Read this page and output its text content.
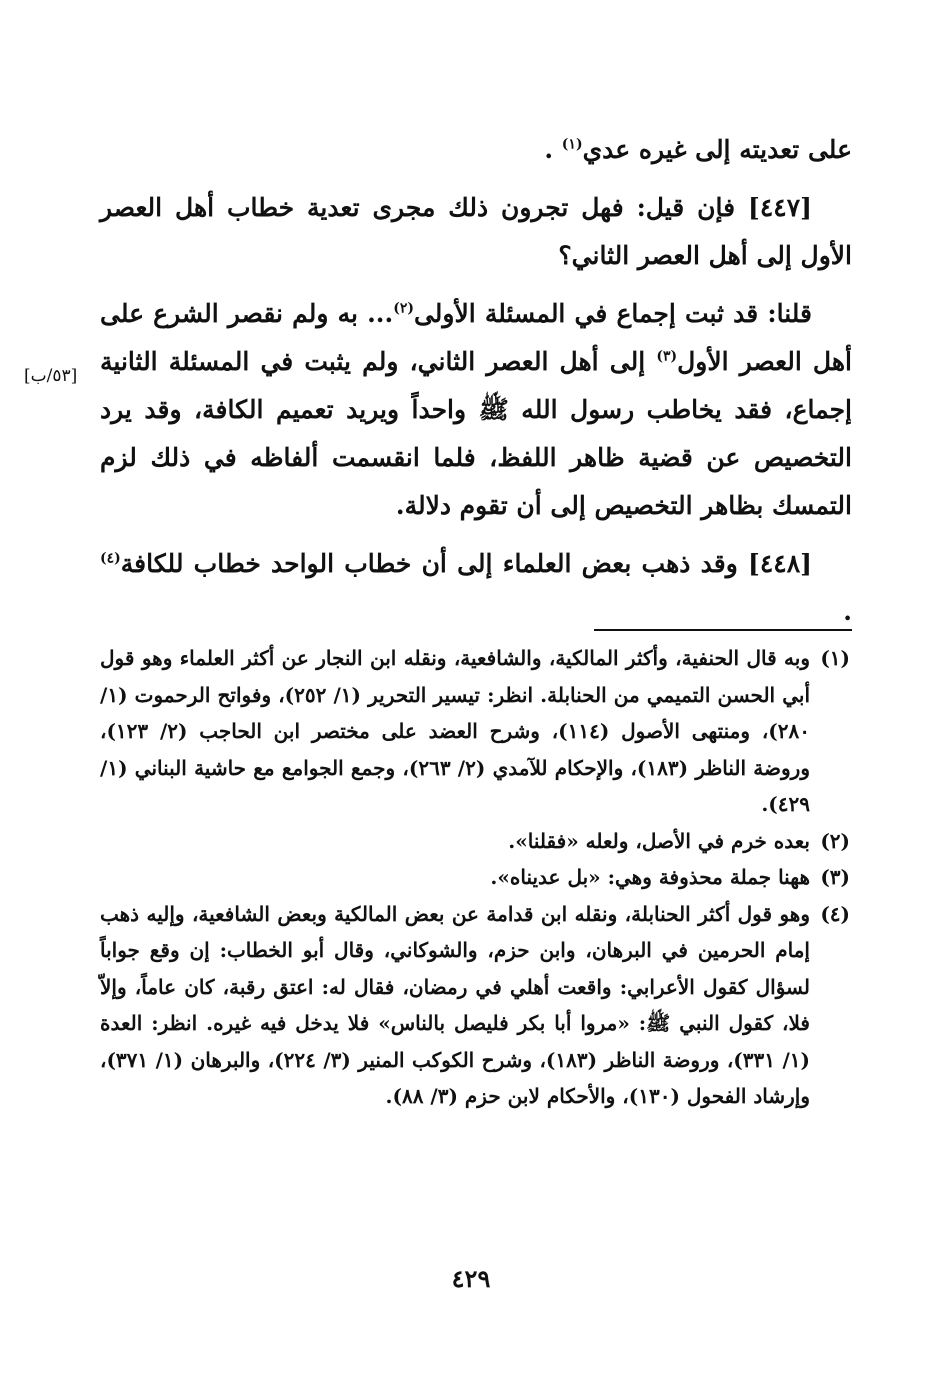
على تعديته إلى غيره عدي$^{(١)}$ .

[٤٤٧] فإن قيل: فهل تجرون ذلك مجرى تعدية خطاب أهل العصر الأول إلى أهل العصر الثاني؟

[٥٣/ب]
قلنا: قد ثبت إجماع في المسئلة الأولى$^{(٢)}$... به ولم نقصر الشرع على أهل العصر الأول$^{(٣)}$ إلى أهل العصر الثاني، ولم يثبت في المسئلة الثانية إجماع، فقد يخاطب رسول الله ﷺ واحداً ويريد تعميم الكافة، وقد يرد التخصيص عن قضية ظاهر اللفظ، فلما انقسمت ألفاظه في ذلك لزم التمسك بظاهر التخصيص إلى أن تقوم دلالة.

[٤٤٨] وقد ذهب بعض العلماء إلى أن خطاب الواحد خطاب للكافة$^{(٤)}$ .

(١)
وبه قال الحنفية، وأكثر المالكية، والشافعية، ونقله ابن النجار عن أكثر العلماء وهو قول أبي الحسن التميمي من الحنابلة. انظر: تيسير التحرير (١/ ٢٥٢)، وفواتح الرحموت (١/ ٢٨٠)، ومنتهى الأصول (١١٤)، وشرح العضد على مختصر ابن الحاجب (٢/ ١٢٣)، وروضة الناظر (١٨٣)، والإحكام للآمدي (٢/ ٢٦٣)، وجمع الجوامع مع حاشية البناني (١/ ٤٢٩).
(٢)
بعده خرم في الأصل، ولعله «فقلنا».
(٣)
ههنا جملة محذوفة وهي: «بل عديناه».
(٤)
وهو قول أكثر الحنابلة، ونقله ابن قدامة عن بعض المالكية وبعض الشافعية، وإليه ذهب إمام الحرمين في البرهان، وابن حزم، والشوكاني، وقال أبو الخطاب: إن وقع جواباً لسؤال كقول الأعرابي: واقعت أهلي في رمضان، فقال له: اعتق رقبة، كان عاماً، وإلاّ فلا، كقول النبي ﷺ: «مروا أبا بكر فليصل بالناس» فلا يدخل فيه غيره. انظر: العدة (١/ ٣٣١)، وروضة الناظر (١٨٣)، وشرح الكوكب المنير (٣/ ٢٢٤)، والبرهان (١/ ٣٧١)، وإرشاد الفحول (١٣٠)، والأحكام لابن حزم (٣/ ٨٨).
٤٢٩
